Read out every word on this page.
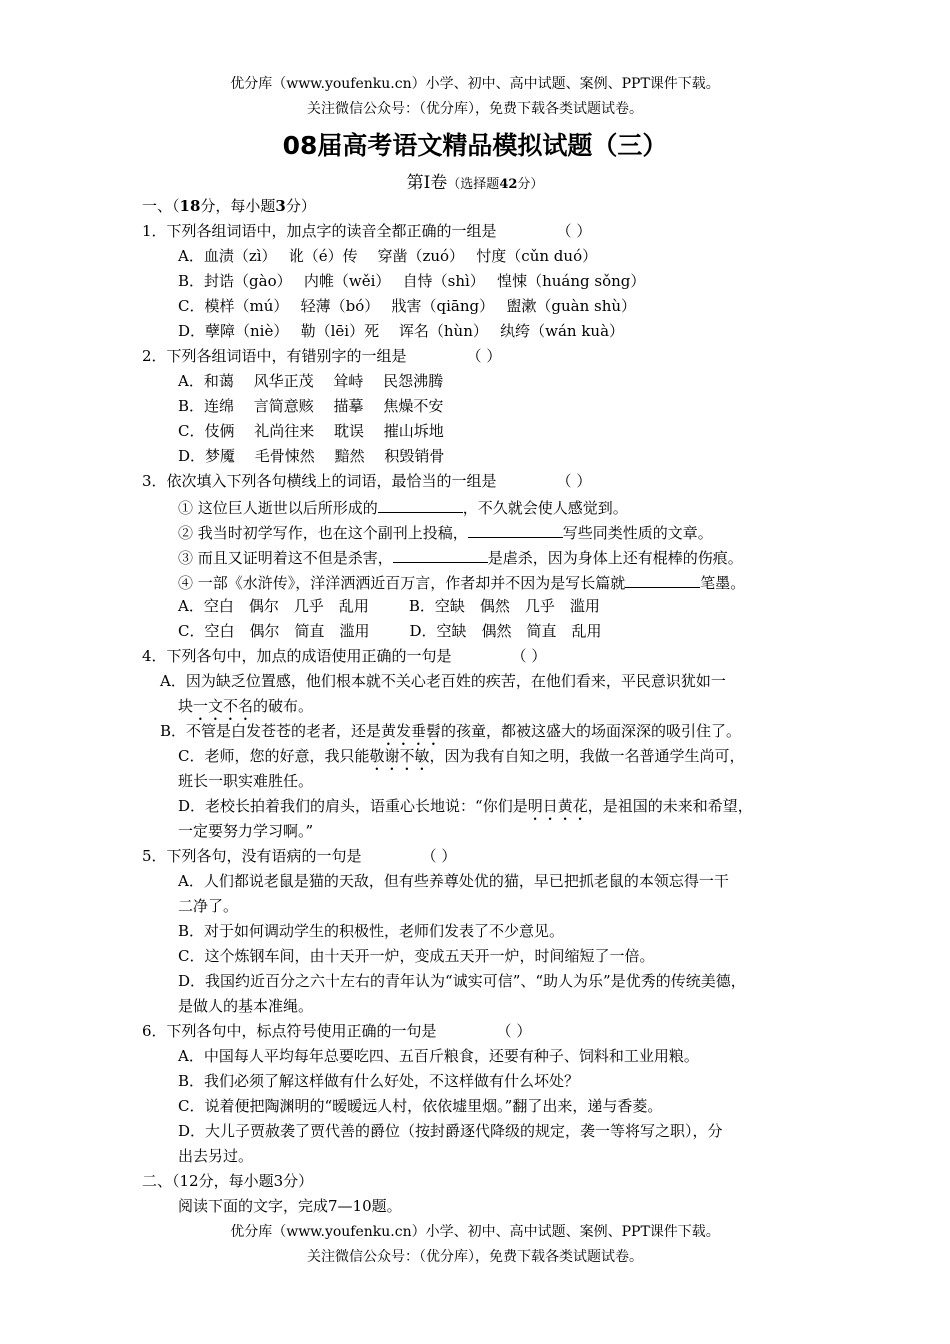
优分库（www.youfenku.cn）小学、初中、高中试题、案例、PPT课件下载。
关注微信公众号：（优分库），免费下载各类试题试卷。
08届高考语文精品模拟试题（三）
第Ⅰ卷（选择题42分）
一、（18分，每小题3分）
1．下列各组词语中，加点字的读音全都正确的一组是	（ ）
A．血渍（zì）　 讹（é）传　 穿凿（zuó）　 忖度（cǔn duó）
B．封诰（gào）　 内帷（wěi）　 自恃（shì）　 惶悚（huáng sǒng）
C．模样（mú）　 轻薄（bó）　 戕害（qiāng）　 盥漱（guàn shù）
D．孽障（niè）　 勒（lēi）死　 诨名（hùn）　 纨绔（wán kuà）
2．下列各组词语中，有错别字的一组是	（ ）
A．和蔼　 风华正茂　 耸峙　 民怨沸腾
B．连绵　 言简意赅　 描摹　 焦燥不安
C．伎俩　 礼尚往来　 耽误　 摧山坼地
D．梦魇　 毛骨悚然　 黯然　 积毁销骨
3．依次填入下列各句横线上的词语，最恰当的一组是	（ ）
① 这位巨人逝世以后所形成的	，不久就会使人感觉到。
② 我当时初学写作，也在这个副刊上投稿，	写些同类性质的文章。
③ 而且又证明着这不但是杀害，	是虐杀，因为身体上还有棍棒的伤痕。
④ 一部《水浒传》，洋洋洒洒近百万言，作者却并不因为是写长篇就	笔墨。
A．空白　偶尔　几乎　乱用	B．空缺　偶然　几乎　滥用
C．空白　偶尔　简直　滥用	D．空缺　偶然　简直　乱用
4．下列各句中，加点的成语使用正确的一句是	（ ）
A．因为缺乏位置感，他们根本就不关心老百姓的疾苦，在他们看来，平民意识犹如一
块一文不名的破布。
B．不管是白发苍苍的老者，还是黄发垂髫的孩童，都被这盛大的场面深深的吸引住了。
C．老师，您的好意，我只能敬谢不敏，因为我有自知之明，我做一名普通学生尚可，
班长一职实难胜任。
D．老校长拍着我们的肩头，语重心长地说：“你们是明日黄花，是祖国的未来和希望，
一定要努力学习啊。”
5．下列各句，没有语病的一句是	（ ）
A．人们都说老鼠是猫的天敌，但有些养尊处优的猫，早已把抓老鼠的本领忘得一干
二净了。
B．对于如何调动学生的积极性，老师们发表了不少意见。
C．这个炼钢车间，由十天开一炉，变成五天开一炉，时间缩短了一倍。
D．我国约近百分之六十左右的青年认为“诚实可信”、“助人为乐”是优秀的传统美德，
是做人的基本准绳。
6．下列各句中，标点符号使用正确的一句是	（ ）
A．中国每人平均每年总要吃四、五百斤粮食，还要有种子、饲料和工业用粮。
B．我们必须了解这样做有什么好处，不这样做有什么坏处？
C．说着便把陶渊明的“暧暧远人村，依依墟里烟。”翻了出来，递与香菱。
D．大儿子贾赦袭了贾代善的爵位（按封爵逐代降级的规定，袭一等将写之职），分
出去另过。
二、（12分，每小题3分）
阅读下面的文字，完成7—10题。
优分库（www.youfenku.cn）小学、初中、高中试题、案例、PPT课件下载。
关注微信公众号：（优分库），免费下载各类试题试卷。
